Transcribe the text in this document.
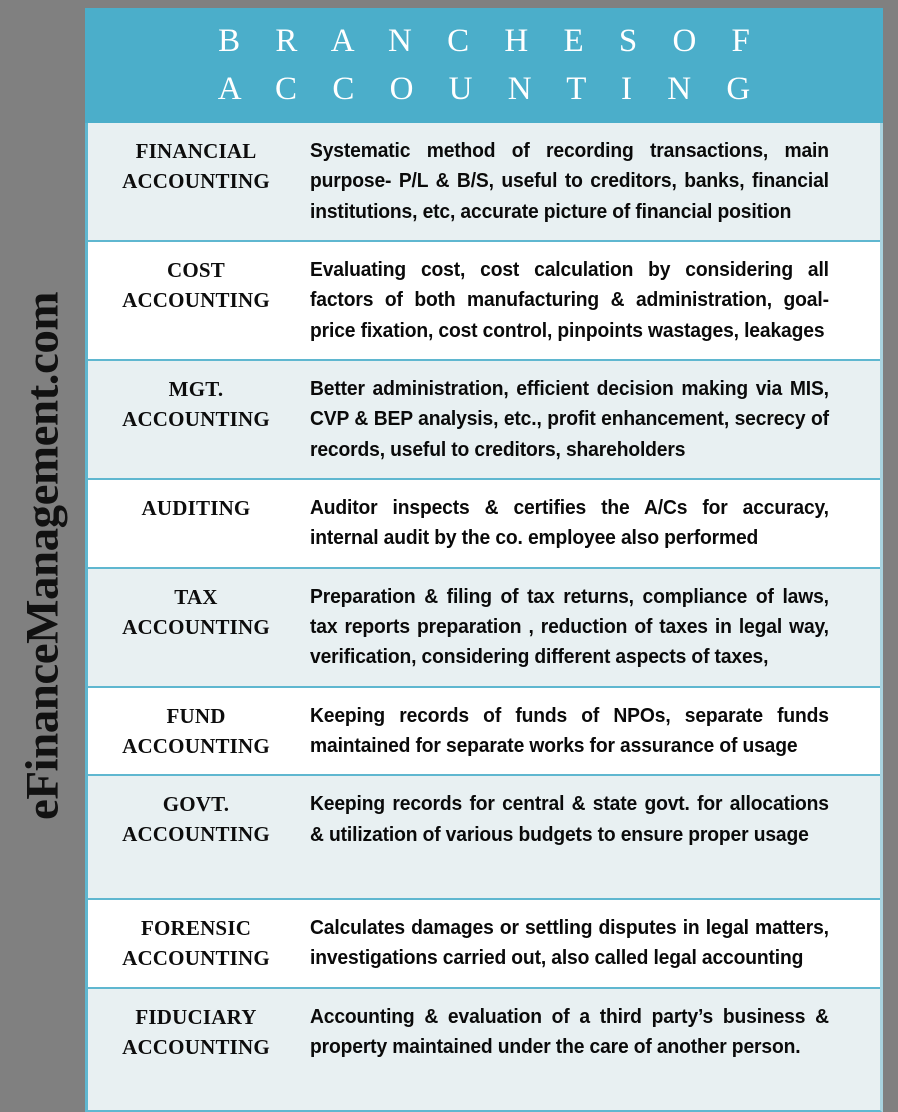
eFinanceManagement.com
B R A N C H E S O F
A C C O U N T I N G
FINANCIAL
ACCOUNTING
Systematic method of recording transactions, main purpose- P/L & B/S, useful to creditors, banks, financial institutions, etc, accurate picture of financial position
COST
ACCOUNTING
Evaluating cost, cost calculation by considering all factors of both manufacturing & administration, goal- price fixation, cost control, pinpoints wastages, leakages
MGT.
ACCOUNTING
Better administration, efficient decision making via MIS, CVP & BEP analysis, etc., profit enhancement, secrecy of records, useful to creditors, shareholders
AUDITING	Auditor inspects & certifies the A/Cs for accuracy, internal audit by the co. employee also performed
TAX
ACCOUNTING
Preparation & filing of tax returns, compliance of laws, tax reports preparation , reduction of taxes in legal way, verification, considering different aspects of taxes,
FUND
ACCOUNTING
Keeping records of funds of NPOs, separate funds maintained for separate works for assurance of usage
GOVT.
ACCOUNTING
Keeping records for central & state govt. for allocations & utilization of various budgets to ensure proper usage
FORENSIC
ACCOUNTING
Calculates damages or settling disputes in legal matters, investigations carried out, also called legal accounting
FIDUCIARY
ACCOUNTING
Accounting & evaluation of a third party’s business & property maintained under the care of another person.
